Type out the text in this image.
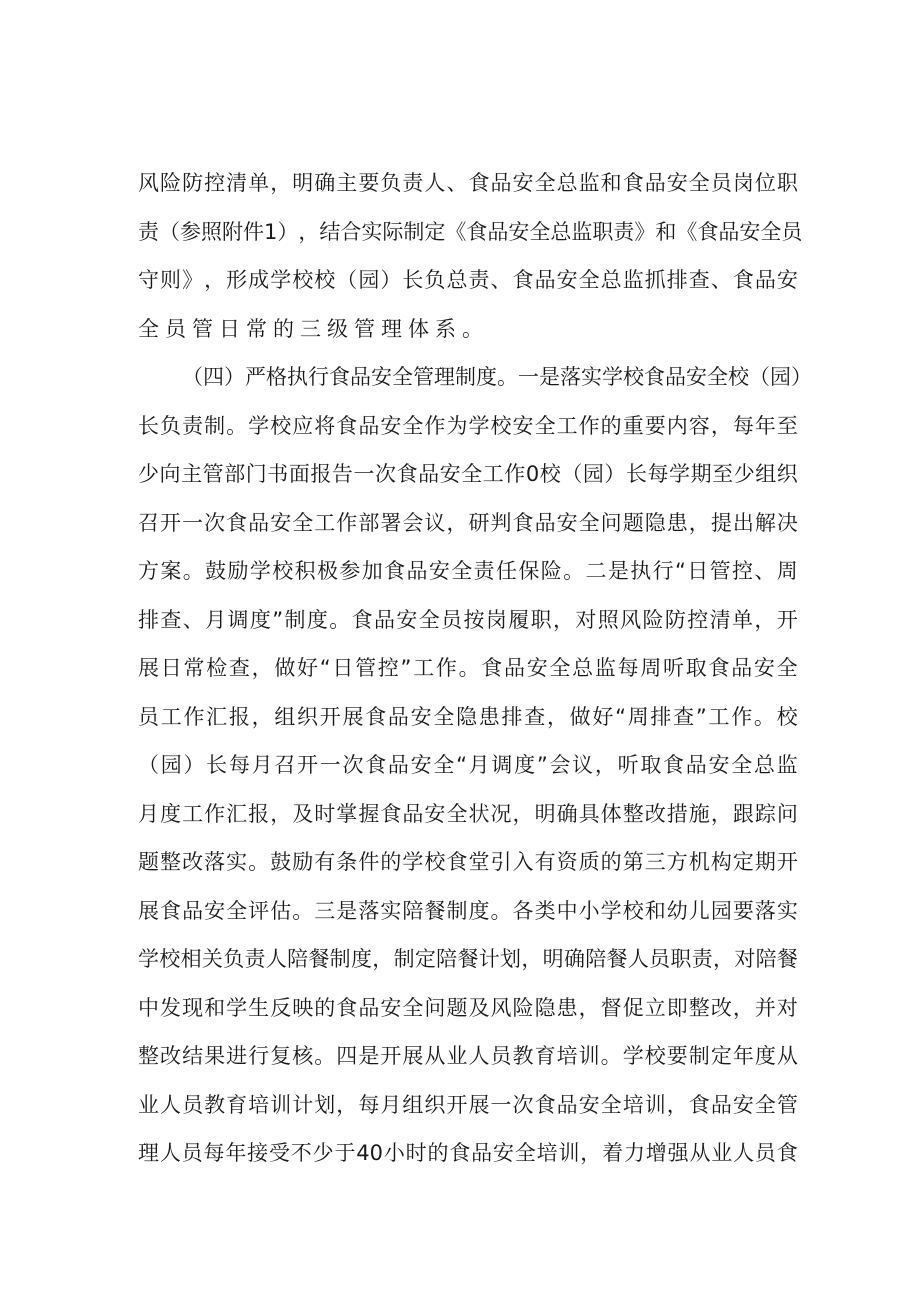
风 险 防 控 清 单 ， 明 确 主 要 负 责 人 、 食 品 安 全 总 监 和 食 品 安 全 员 岗 位 职
责 （ 参 照 附 件 1 ） ， 结 合 实 际 制 定 《 食 品 安 全 总 监 职 责 》 和 《 食 品 安 全 员
守 则 》 ， 形 成 学 校 校 （ 园 ） 长 负 总 责 、 食 品 安 全 总 监 抓 排 查 、 食 品 安
全 员 管 日 常 的 三 级 管 理 体 系 。
（ 四 ） 严 格 执 行 食 品 安 全 管 理 制 度 。 一 是 落 实 学 校 食 品 安 全 校 （ 园 ）
长 负 责 制 。 学 校 应 将 食 品 安 全 作 为 学 校 安 全 工 作 的 重 要 内 容 ， 每 年 至
少 向 主 管 部 门 书 面 报 告 一 次 食 品 安 全 工 作 0 校 （ 园 ） 长 每 学 期 至 少 组 织
召 开 一 次 食 品 安 全 工 作 部 署 会 议 ， 研 判 食 品 安 全 问 题 隐 患 ， 提 出 解 决
方 案 。 鼓 励 学 校 积 极 参 加 食 品 安 全 责 任 保 险 。 二 是 执 行 “ 日 管 控 、 周
排 查 、 月 调 度 ” 制 度 。 食 品 安 全 员 按 岗 履 职 ， 对 照 风 险 防 控 清 单 ， 开
展 日 常 检 查 ， 做 好 “ 日 管 控 ” 工 作 。 食 品 安 全 总 监 每 周 听 取 食 品 安 全
员 工 作 汇 报 ， 组 织 开 展 食 品 安 全 隐 患 排 查 ， 做 好 “ 周 排 查 ” 工 作 。 校
（ 园 ） 长 每 月 召 开 一 次 食 品 安 全 “ 月 调 度 ” 会 议 ， 听 取 食 品 安 全 总 监
月 度 工 作 汇 报 ， 及 时 掌 握 食 品 安 全 状 况 ， 明 确 具 体 整 改 措 施 ， 跟 踪 问
题 整 改 落 实 。 鼓 励 有 条 件 的 学 校 食 堂 引 入 有 资 质 的 第 三 方 机 构 定 期 开
展 食 品 安 全 评 估 。 三 是 落 实 陪 餐 制 度 。 各 类 中 小 学 校 和 幼 儿 园 要 落 实
学 校 相 关 负 责 人 陪 餐 制 度 ， 制 定 陪 餐 计 划 ， 明 确 陪 餐 人 员 职 责 ， 对 陪 餐
中 发 现 和 学 生 反 映 的 食 品 安 全 问 题 及 风 险 隐 患 ， 督 促 立 即 整 改 ， 并 对
整 改 结 果 进 行 复 核 。 四 是 开 展 从 业 人 员 教 育 培 训 。 学 校 要 制 定 年 度 从
业 人 员 教 育 培 训 计 划 ， 每 月 组 织 开 展 一 次 食 品 安 全 培 训 ， 食 品 安 全 管
理 人 员 每 年 接 受 不 少 于 40 小 时 的 食 品 安 全 培 训 ， 着 力 增 强 从 业 人 员 食
